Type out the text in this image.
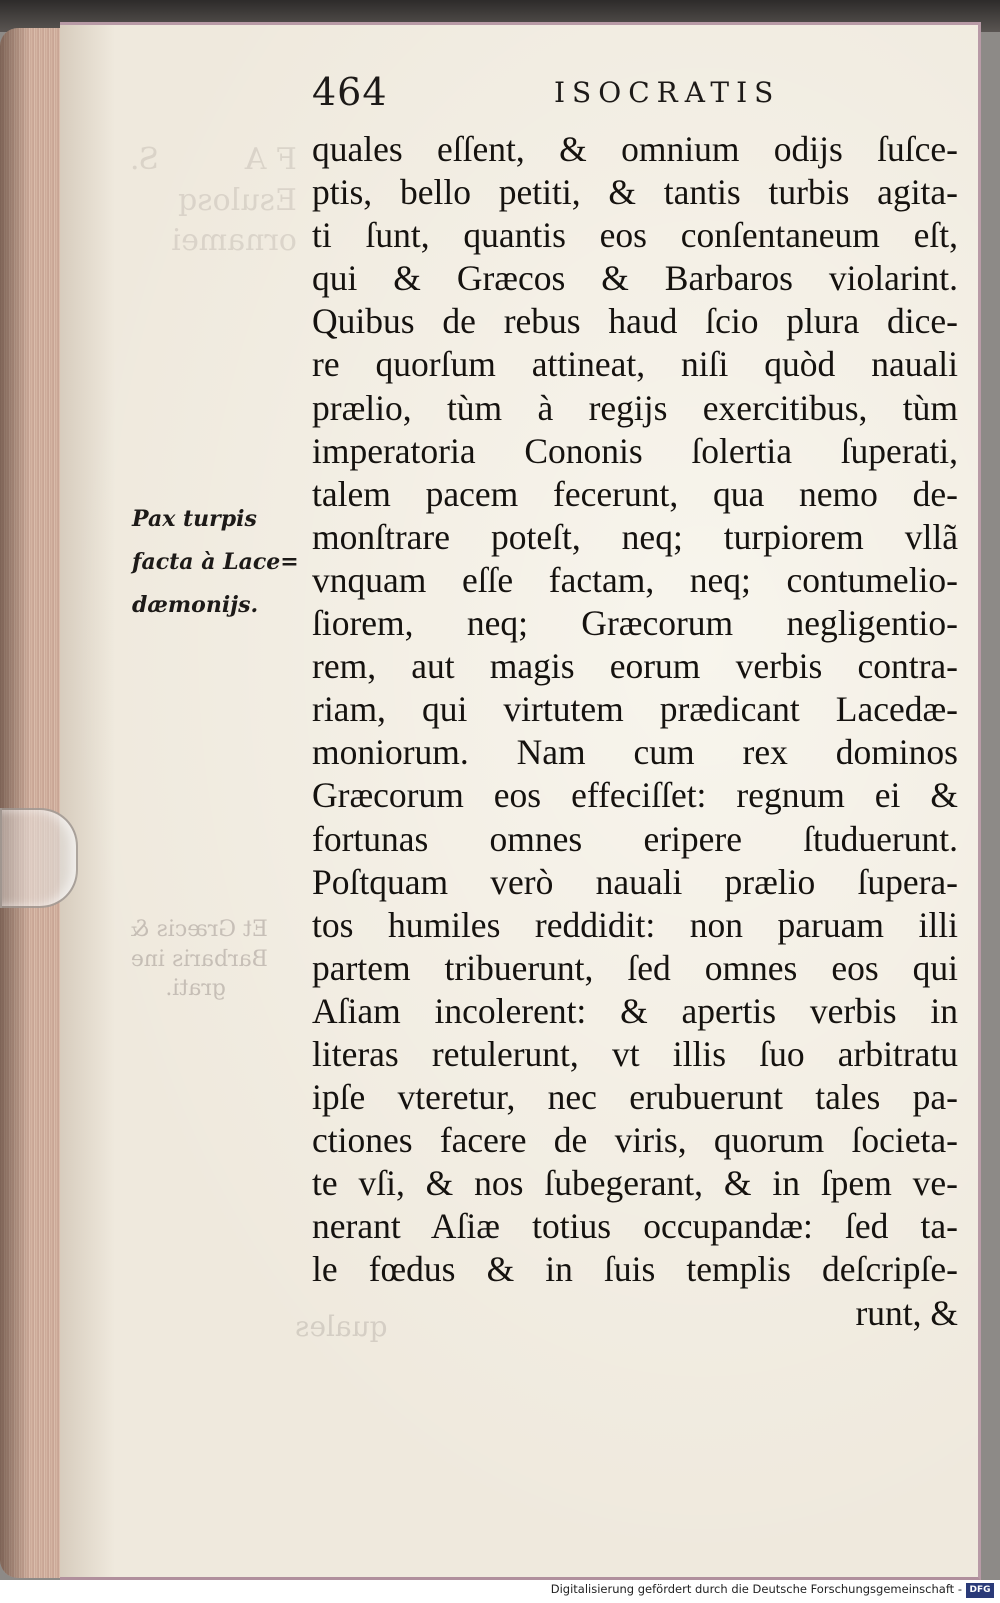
F A         S.
Esulosq
ornamei
Et Græcis &
Barbaris ine
grati.
quales
464	ISOCRATIS
Pax turpis
facta à Lace=
dæmonijs.
quales eſſent, & omnium odijs ſuſce-
ptis, bello petiti, & tantis turbis agita-
ti ſunt, quantis eos conſentaneum eſt,
qui & Græcos & Barbaros violarint.
Quibus de rebus haud ſcio plura dice-
re quorſum attineat, niſi quòd nauali
prælio, tùm à regijs exercitibus, tùm
imperatoria Cononis ſolertia ſuperati,
talem pacem fecerunt, qua nemo de-
monſtrare poteſt, neq; turpiorem vllã
vnquam eſſe factam, neq; contumelio-
ſiorem, neq; Græcorum negligentio-
rem, aut magis eorum verbis contra-
riam, qui virtutem prædicant Lacedæ-
moniorum. Nam cum rex dominos
Græcorum eos effeciſſet: regnum ei &
fortunas omnes eripere ſtuduerunt.
Poſtquam verò nauali prælio ſupera-
tos humiles reddidit: non paruam illi
partem tribuerunt, ſed omnes eos qui
Aſiam incolerent: & apertis verbis in
literas retulerunt, vt illis ſuo arbitratu
ipſe vteretur, nec erubuerunt tales pa-
ctiones facere de viris, quorum ſocieta-
te vſi, & nos ſubegerant, & in ſpem ve-
nerant Aſiæ totius occupandæ: ſed ta-
le fœdus & in ſuis templis deſcripſe-
runt, &
Digitalisierung gefördert durch die Deutsche Forschungsgemeinschaft - DFG
